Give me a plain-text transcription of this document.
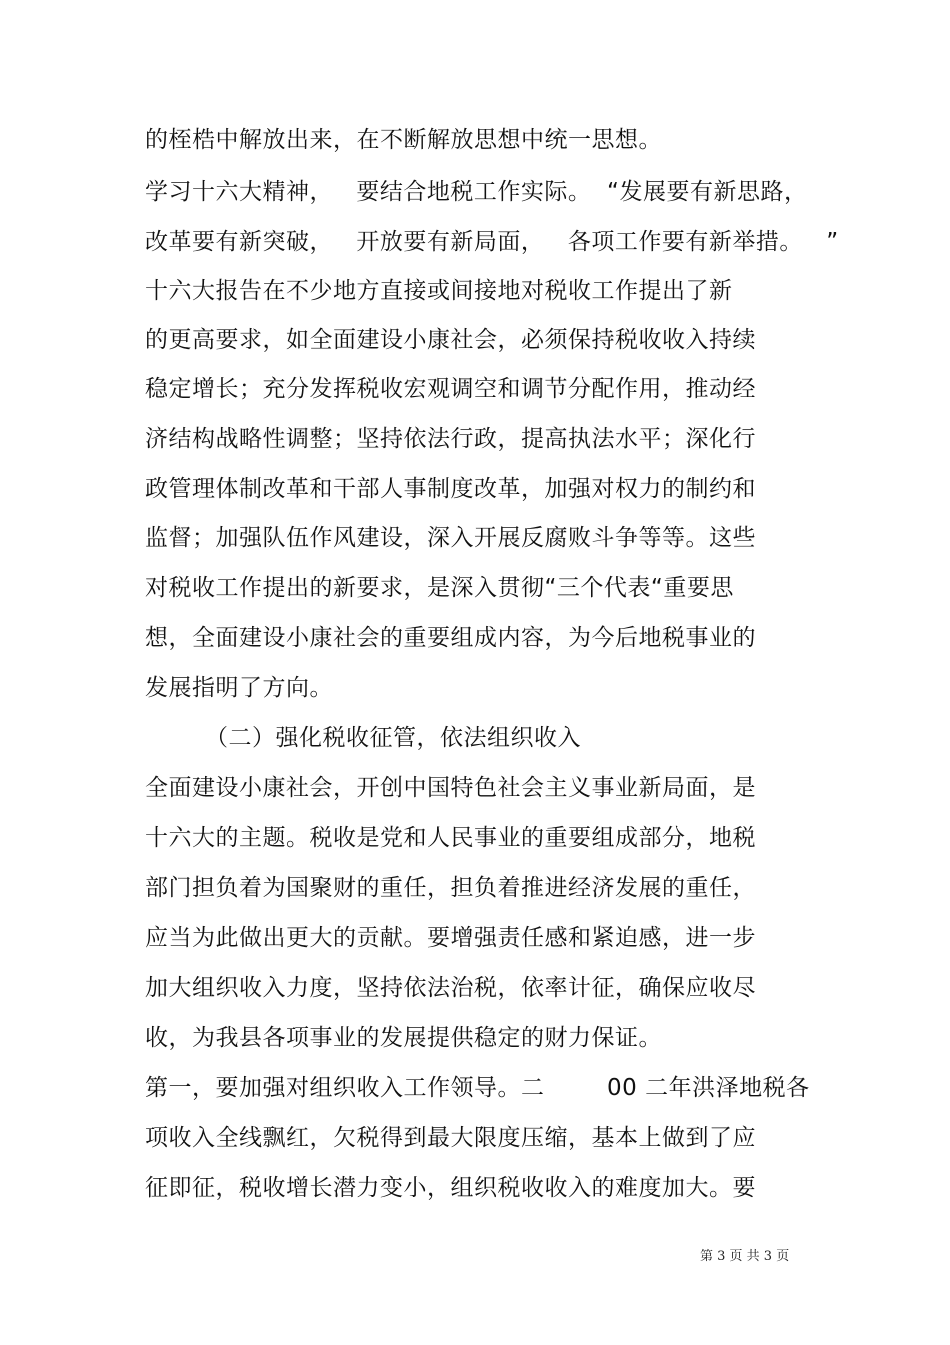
的桎梏中解放出来，在不断解放思想中统一思想。
学习十六大精神，   要结合地税工作实际。  “发展要有新思路，
改革要有新突破，   开放要有新局面，   各项工作要有新举措。   ”
十六大报告在不少地方直接或间接地对税收工作提出了新
的更高要求，如全面建设小康社会，必须保持税收收入持续
稳定增长；充分发挥税收宏观调空和调节分配作用，推动经
济结构战略性调整；坚持依法行政，提高执法水平；深化行
政管理体制改革和干部人事制度改革，加强对权力的制约和
监督；加强队伍作风建设，深入开展反腐败斗争等等。这些
对税收工作提出的新要求，是深入贯彻“三个代表“重要思
想，全面建设小康社会的重要组成内容，为今后地税事业的
发展指明了方向。
（二）强化税收征管，依法组织收入
全面建设小康社会，开创中国特色社会主义事业新局面，是
十六大的主题。税收是党和人民事业的重要组成部分，地税
部门担负着为国聚财的重任，担负着推进经济发展的重任，
应当为此做出更大的贡献。要增强责任感和紧迫感，进一步
加大组织收入力度，坚持依法治税，依率计征，确保应收尽
收，为我县各项事业的发展提供稳定的财力保证。
第一，要加强对组织收入工作领导。二        00 二年洪泽地税各
项收入全线飘红，欠税得到最大限度压缩，基本上做到了应
征即征，税收增长潜力变小，组织税收收入的难度加大。要
第 3 页 共 3 页
